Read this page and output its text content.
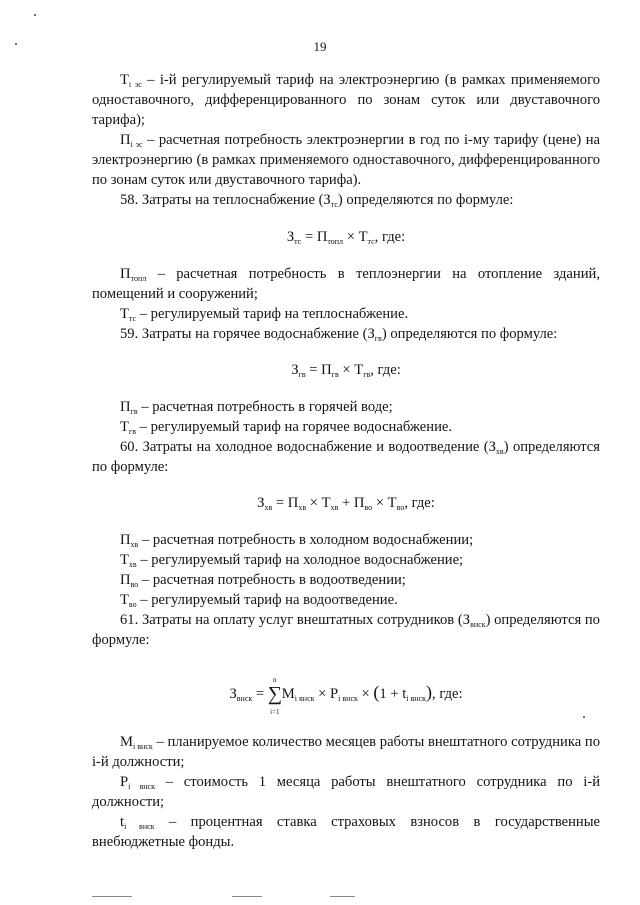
19

$Т_{i эс} - i-й$ регулируемый тариф на электроэнергию (в рамках применяемого одноставочного, дифференцированного по зонам суток или двуставочного тарифа);

$П_{i эс}$ – расчетная потребность электроэнергии в год по i-му тарифу (цене) на электроэнергию (в рамках применяемого одноставочного, дифференцированного по зонам суток или двуставочного тарифа).

58. Затраты на теплоснабжение $(З_{тс})$ определяются по формуле:

$З_{тс} = П_{топл} \times Т_{тс}$, где:

$П_{топл}$ – расчетная потребность в теплоэнергии на отопление зданий, помещений и сооружений;

$Т_{тс}$ – регулируемый тариф на теплоснабжение.

59. Затраты на горячее водоснабжение $(З_{гв})$ определяются по формуле:

$З_{гв} = П_{гв} \times Т_{гв}$, где:

$П_{гв}$ – расчетная потребность в горячей воде;

$Т_{гв}$ – регулируемый тариф на горячее водоснабжение.

60. Затраты на холодное водоснабжение и водоотведение $(З_{хв})$ определяются по формуле:

$З_{хв} = П_{хв} \times Т_{хв} + П_{во} \times Т_{во}$, где:

$П_{хв}$ – расчетная потребность в холодном водоснабжении;

$Т_{хв}$ – регулируемый тариф на холодное водоснабжение;

$П_{во}$ – расчетная потребность в водоотведении;

$Т_{во}$ – регулируемый тариф на водоотведение.

61. Затраты на оплату услуг внештатных сотрудников $(З_{внск})$ определяются по формуле:

$З_{внск}$ =
n
∑
i=1
$М_{i внск} \times Р_{i внск} \times (1 + t_{i внск})$, где:

$М_{i внск}$ – планируемое количество месяцев работы внештатного сотрудника по i-й должности;

$Р_{i внск}$ – стоимость 1 месяца работы внештатного сотрудника по i-й должности;

$t_{i внск}$ – процентная ставка страховых взносов в государственные внебюджетные фонды.
